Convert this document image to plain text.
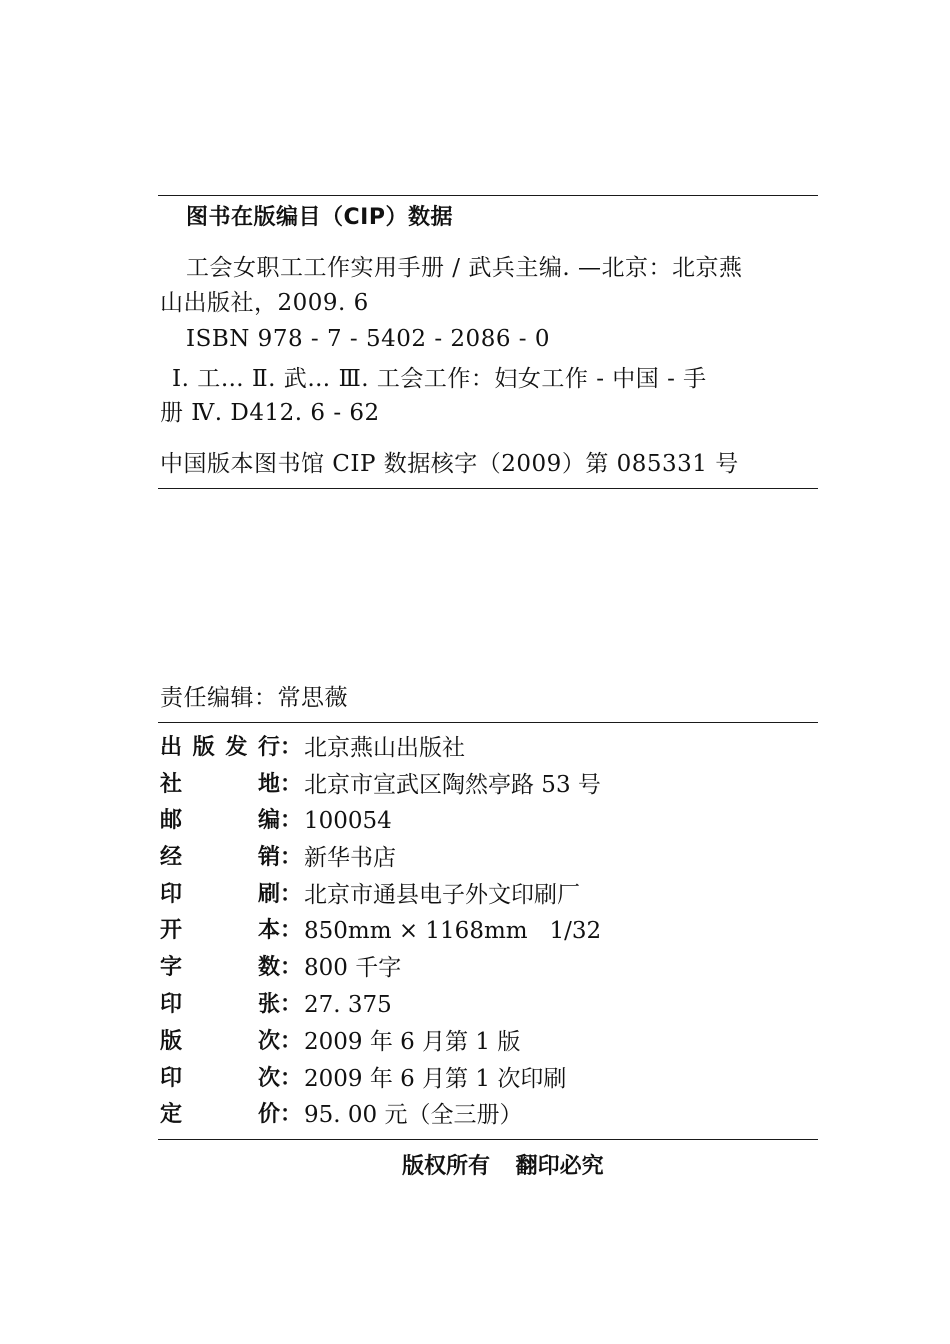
图书在版编目（CIP）数据
工会女职工工作实用手册 / 武兵主编. —北京：北京燕
山出版社，2009. 6
ISBN 978 - 7 - 5402 - 2086 - 0
Ⅰ. 工… Ⅱ. 武… Ⅲ. 工会工作：妇女工作 - 中国 - 手
册 Ⅳ. D412. 6 - 62
中国版本图书馆 CIP 数据核字（2009）第 085331 号
责任编辑：常思薇
出 版 发 行 ： 北京燕山出版社
社	地 ： 北京市宣武区陶然亭路 53 号
邮	编 ： 100054
经	销 ： 新华书店
印	刷 ： 北京市通县电子外文印刷厂
开	本 ： 850mm × 1168mm   1/32
字	数 ： 800 千字
印	张 ： 27. 375
版	次 ： 2009 年 6 月第 1 版
印	次 ： 2009 年 6 月第 1 次印刷
定	价 ： 95. 00 元（全三册）
版权所有 翻印必究
